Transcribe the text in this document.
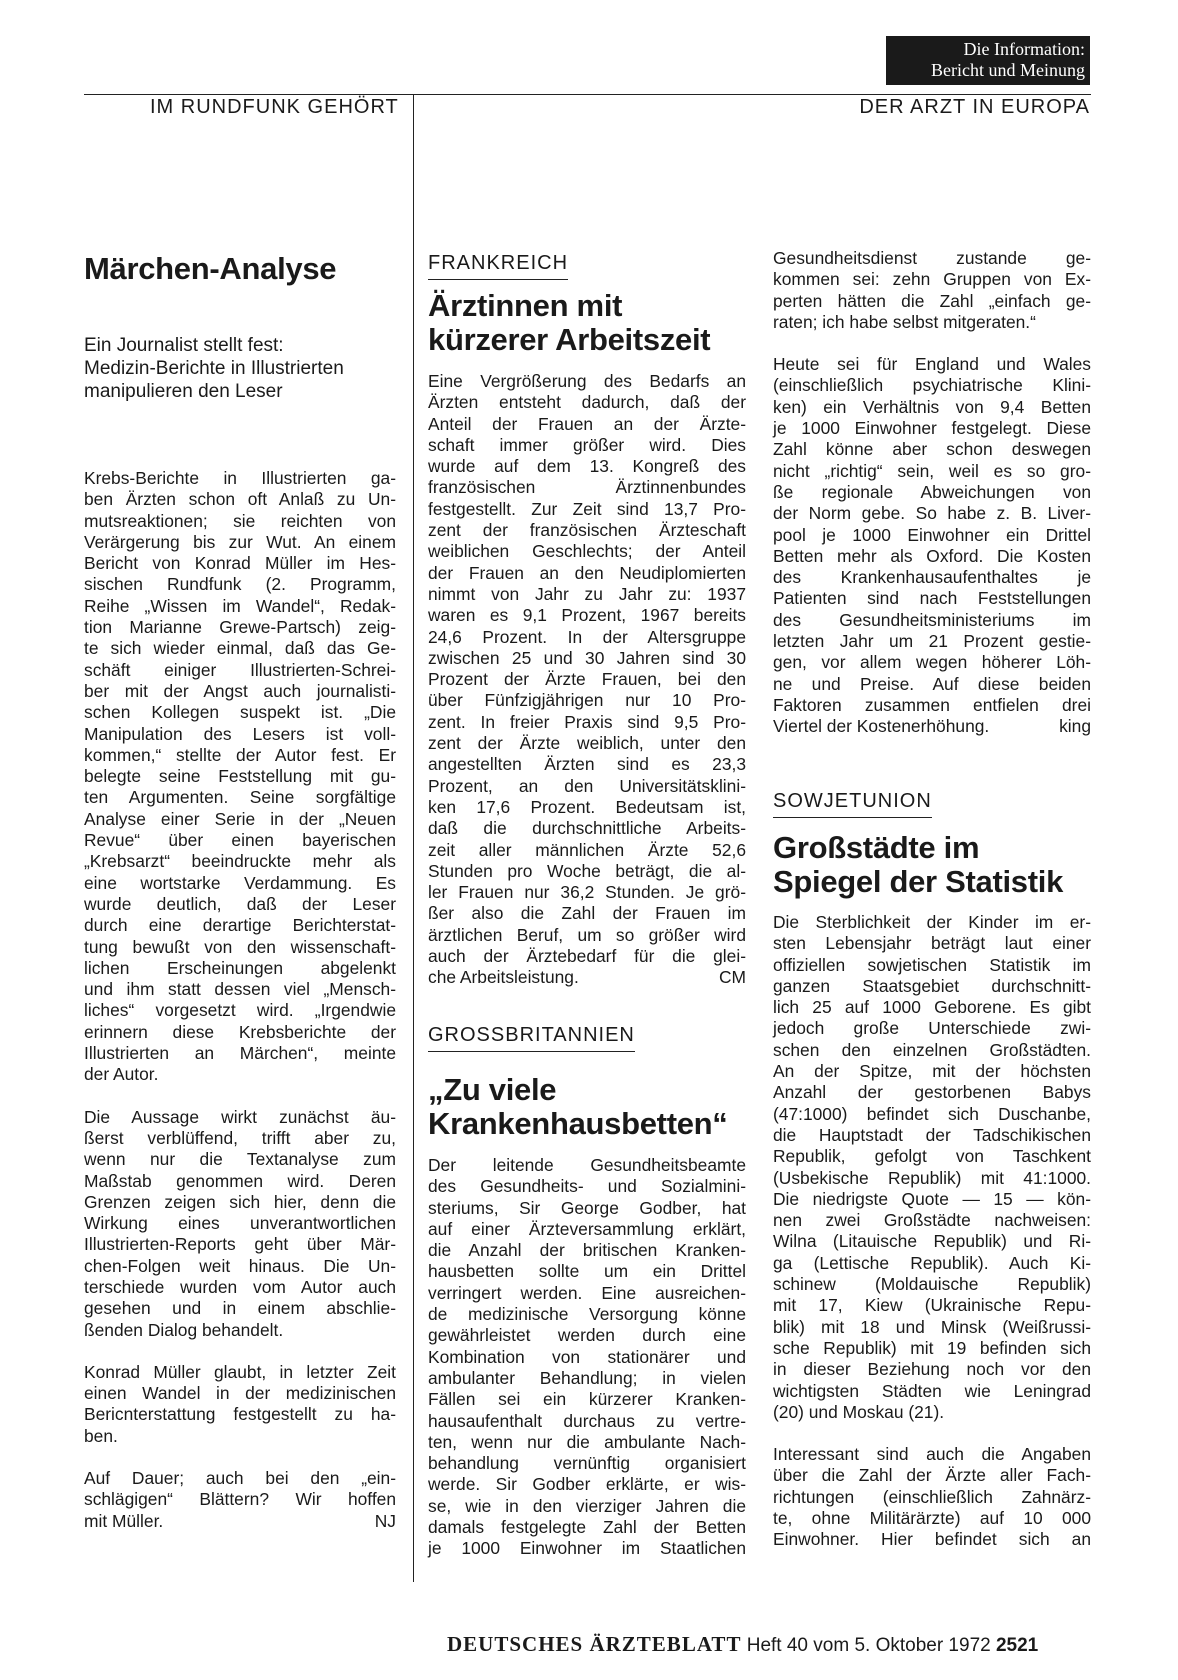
Die Information:
Bericht und Meinung
IM RUNDFUNK GEHÖRT	DER ARZT IN EUROPA
Märchen-Analyse
Ein Journalist stellt fest:
Medizin-Berichte in Illustrierten
manipulieren den Leser

Krebs-Berichte in Illustrierten ga-
ben Ärzten schon oft Anlaß zu Un-
mutsreaktionen; sie reichten von
Verärgerung bis zur Wut. An einem
Bericht von Konrad Müller im Hes-
sischen Rundfunk (2. Programm,
Reihe „Wissen im Wandel“, Redak-
tion Marianne Grewe-Partsch) zeig-
te sich wieder einmal, daß das Ge-
schäft einiger Illustrierten-Schrei-
ber mit der Angst auch journalisti-
schen Kollegen suspekt ist. „Die
Manipulation des Lesers ist voll-
kommen,“ stellte der Autor fest. Er
belegte seine Feststellung mit gu-
ten Argumenten. Seine sorgfältige
Analyse einer Serie in der „Neuen
Revue“ über einen bayerischen
„Krebsarzt“ beeindruckte mehr als
eine wortstarke Verdammung. Es
wurde deutlich, daß der Leser
durch eine derartige Berichterstat-
tung bewußt von den wissenschaft-
lichen Erscheinungen abgelenkt
und ihm statt dessen viel „Mensch-
liches“ vorgesetzt wird. „Irgendwie
erinnern diese Krebsberichte der
Illustrierten an Märchen“, meinte
der Autor.

Die Aussage wirkt zunächst äu-
ßerst verblüffend, trifft aber zu,
wenn nur die Textanalyse zum
Maßstab genommen wird. Deren
Grenzen zeigen sich hier, denn die
Wirkung eines unverantwortlichen
Illustrierten-Reports geht über Mär-
chen-Folgen weit hinaus. Die Un-
terschiede wurden vom Autor auch
gesehen und in einem abschlie-
ßenden Dialog behandelt.

Konrad Müller glaubt, in letzter Zeit
einen Wandel in der medizinischen
Bericnterstattung festgestellt zu ha-
ben.

Auf Dauer; auch bei den „ein-
schlägigen“ Blättern? Wir hoffen
mit Müller.	NJ

FRANKREICH
Ärztinnen mit
kürzerer Arbeitszeit

Eine Vergrößerung des Bedarfs an
Ärzten entsteht dadurch, daß der
Anteil der Frauen an der Ärzte-
schaft immer größer wird. Dies
wurde auf dem 13. Kongreß des
französischen Ärztinnenbundes
festgestellt. Zur Zeit sind 13,7 Pro-
zent der französischen Ärzteschaft
weiblichen Geschlechts; der Anteil
der Frauen an den Neudiplomierten
nimmt von Jahr zu Jahr zu: 1937
waren es 9,1 Prozent, 1967 bereits
24,6 Prozent. In der Altersgruppe
zwischen 25 und 30 Jahren sind 30
Prozent der Ärzte Frauen, bei den
über Fünfzigjährigen nur 10 Pro-
zent. In freier Praxis sind 9,5 Pro-
zent der Ärzte weiblich, unter den
angestellten Ärzten sind es 23,3
Prozent, an den Universitätsklini-
ken 17,6 Prozent. Bedeutsam ist,
daß die durchschnittliche Arbeits-
zeit aller männlichen Ärzte 52,6
Stunden pro Woche beträgt, die al-
ler Frauen nur 36,2 Stunden. Je grö-
ßer also die Zahl der Frauen im
ärztlichen Beruf, um so größer wird
auch der Ärztebedarf für die glei-
che Arbeitsleistung.	CM

GROSSBRITANNIEN
„Zu viele
Krankenhausbetten“

Der leitende Gesundheitsbeamte
des Gesundheits- und Sozialmini-
steriums, Sir George Godber, hat
auf einer Ärzteversammlung erklärt,
die Anzahl der britischen Kranken-
hausbetten sollte um ein Drittel
verringert werden. Eine ausreichen-
de medizinische Versorgung könne
gewährleistet werden durch eine
Kombination von stationärer und
ambulanter Behandlung; in vielen
Fällen sei ein kürzerer Kranken-
hausaufenthalt durchaus zu vertre-
ten, wenn nur die ambulante Nach-
behandlung vernünftig organisiert
werde. Sir Godber erklärte, er wis-
se, wie in den vierziger Jahren die
damals festgelegte Zahl der Betten
je 1000 Einwohner im Staatlichen

Gesundheitsdienst zustande ge-
kommen sei: zehn Gruppen von Ex-
perten hätten die Zahl „einfach ge-
raten; ich habe selbst mitgeraten.“

Heute sei für England und Wales
(einschließlich psychiatrische Klini-
ken) ein Verhältnis von 9,4 Betten
je 1000 Einwohner festgelegt. Diese
Zahl könne aber schon deswegen
nicht „richtig“ sein, weil es so gro-
ße regionale Abweichungen von
der Norm gebe. So habe z. B. Liver-
pool je 1000 Einwohner ein Drittel
Betten mehr als Oxford. Die Kosten
des Krankenhausaufenthaltes je
Patienten sind nach Feststellungen
des Gesundheitsministeriums im
letzten Jahr um 21 Prozent gestie-
gen, vor allem wegen höherer Löh-
ne und Preise. Auf diese beiden
Faktoren zusammen entfielen drei
Viertel der Kostenerhöhung.	king

SOWJETUNION
Großstädte im
Spiegel der Statistik

Die Sterblichkeit der Kinder im er-
sten Lebensjahr beträgt laut einer
offiziellen sowjetischen Statistik im
ganzen Staatsgebiet durchschnitt-
lich 25 auf 1000 Geborene. Es gibt
jedoch große Unterschiede zwi-
schen den einzelnen Großstädten.
An der Spitze, mit der höchsten
Anzahl der gestorbenen Babys
(47:1000) befindet sich Duschanbe,
die Hauptstadt der Tadschikischen
Republik, gefolgt von Taschkent
(Usbekische Republik) mit 41:1000.
Die niedrigste Quote — 15 — kön-
nen zwei Großstädte nachweisen:
Wilna (Litauische Republik) und Ri-
ga (Lettische Republik). Auch Ki-
schinew (Moldauische Republik)
mit 17, Kiew (Ukrainische Repu-
blik) mit 18 und Minsk (Weißrussi-
sche Republik) mit 19 befinden sich
in dieser Beziehung noch vor den
wichtigsten Städten wie Leningrad
(20) und Moskau (21).

Interessant sind auch die Angaben
über die Zahl der Ärzte aller Fach-
richtungen (einschließlich Zahnärz-
te, ohne Militärärzte) auf 10 000
Einwohner. Hier befindet sich an

DEUTSCHES ÄRZTEBLATT Heft 40 vom 5. Oktober 1972 2521
